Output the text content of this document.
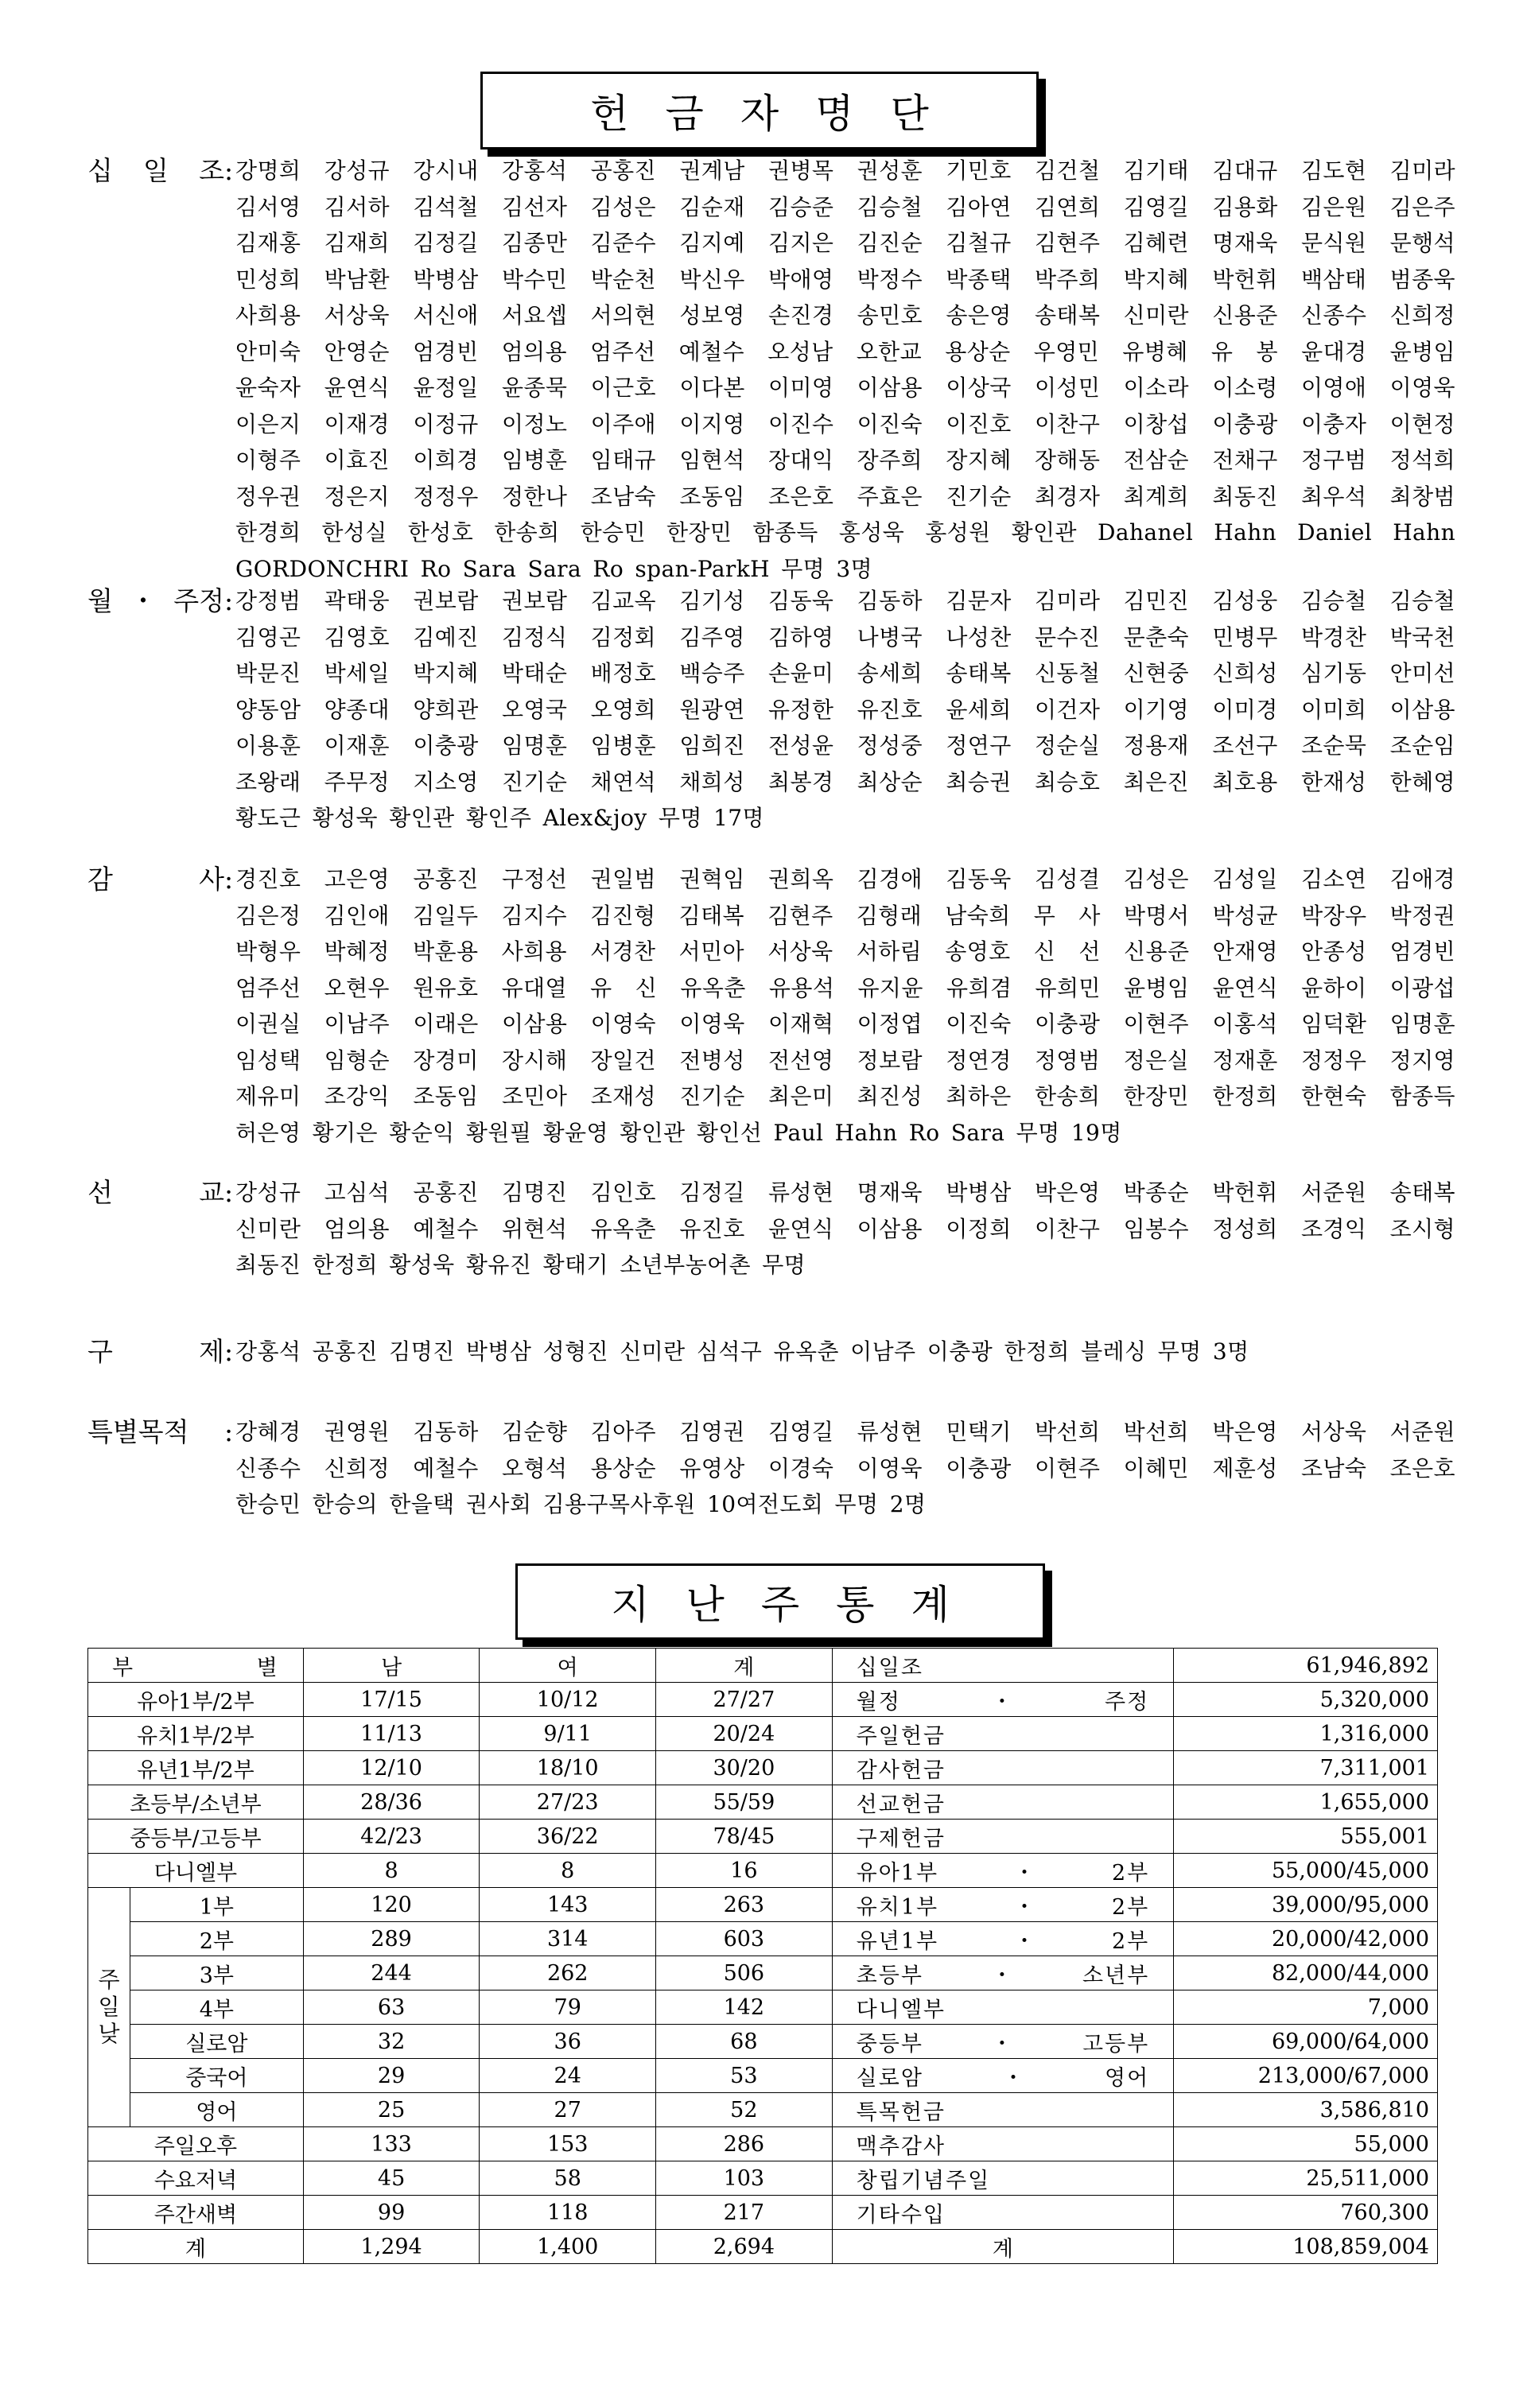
헌금자명단
십 일 조 : 강명희 강성규 강시내 강홍석 공홍진 권계남 권병목 권성훈 기민호 김건철 김기태 김대규 김도현 김미라
김서영 김서하 김석철 김선자 김성은 김순재 김승준 김승철 김아연 김연희 김영길 김용화 김은원 김은주
김재홍 김재희 김정길 김종만 김준수 김지예 김지은 김진순 김철규 김현주 김혜련 명재욱 문식원 문행석
민성희 박남환 박병삼 박수민 박순천 박신우 박애영 박정수 박종택 박주희 박지혜 박헌휘 백삼태 범종욱
사희용 서상욱 서신애 서요셉 서의현 성보영 손진경 송민호 송은영 송태복 신미란 신용준 신종수 신희정
안미숙 안영순 엄경빈 엄의용 엄주선 예철수 오성남 오한교 용상순 우영민 유병혜 유 봉 윤대경 윤병임
윤숙자 윤연식 윤정일 윤종묵 이근호 이다본 이미영 이삼용 이상국 이성민 이소라 이소령 이영애 이영욱
이은지 이재경 이정규 이정노 이주애 이지영 이진수 이진숙 이진호 이찬구 이창섭 이충광 이충자 이현정
이형주 이효진 이희경 임병훈 임태규 임현석 장대익 장주희 장지혜 장해동 전삼순 전채구 정구범 정석희
정우권 정은지 정정우 정한나 조남숙 조동임 조은호 주효은 진기순 최경자 최계희 최동진 최우석 최창범
한경희 한성실 한성호 한송희 한승민 한장민 함종득 홍성욱 홍성원 황인관 Dahanel Hahn Daniel Hahn
GORDONCHRI Ro Sara Sara Ro span-ParkH 무명 3명
월・주정 : 강정범 곽태웅 권보람 권보람 김교옥 김기성 김동욱 김동하 김문자 김미라 김민진 김성웅 김승철 김승철
김영곤 김영호 김예진 김정식 김정회 김주영 김하영 나병국 나성찬 문수진 문춘숙 민병무 박경찬 박국천
박문진 박세일 박지혜 박태순 배정호 백승주 손윤미 송세희 송태복 신동철 신현중 신희성 심기동 안미선
양동암 양종대 양희관 오영국 오영희 원광연 유정한 유진호 윤세희 이건자 이기영 이미경 이미희 이삼용
이용훈 이재훈 이충광 임명훈 임병훈 임희진 전성윤 정성중 정연구 정순실 정용재 조선구 조순묵 조순임
조왕래 주무정 지소영 진기순 채연석 채희성 최봉경 최상순 최승권 최승호 최은진 최호용 한재성 한혜영
황도근 황성욱 황인관 황인주 Alex&joy 무명 17명
감 사 : 경진호 고은영 공홍진 구정선 권일범 권혁임 권희옥 김경애 김동욱 김성결 김성은 김성일 김소연 김애경
김은정 김인애 김일두 김지수 김진형 김태복 김현주 김형래 남숙희 무 사 박명서 박성균 박장우 박정권
박형우 박혜정 박훈용 사희용 서경찬 서민아 서상욱 서하림 송영호 신 선 신용준 안재영 안종성 엄경빈
엄주선 오현우 원유호 유대열 유 신 유옥춘 유용석 유지윤 유희겸 유희민 윤병임 윤연식 윤하이 이광섭
이권실 이남주 이래은 이삼용 이영숙 이영욱 이재혁 이정엽 이진숙 이충광 이현주 이홍석 임덕환 임명훈
임성택 임형순 장경미 장시해 장일건 전병성 전선영 정보람 정연경 정영범 정은실 정재훈 정정우 정지영
제유미 조강익 조동임 조민아 조재성 진기순 최은미 최진성 최하은 한송희 한장민 한정희 한현숙 함종득
허은영 황기은 황순익 황원필 황윤영 황인관 황인선 Paul Hahn Ro Sara 무명 19명
선 교 : 강성규 고심석 공홍진 김명진 김인호 김정길 류성현 명재욱 박병삼 박은영 박종순 박헌휘 서준원 송태복
신미란 엄의용 예철수 위현석 유옥춘 유진호 윤연식 이삼용 이정희 이찬구 임봉수 정성희 조경익 조시형
최동진 한정희 황성욱 황유진 황태기 소년부농어촌 무명
구 제 : 강홍석 공홍진 김명진 박병삼 성형진 신미란 심석구 유옥춘 이남주 이충광 한정희 블레싱 무명 3명
특별목적	: 강혜경 권영원 김동하 김순향 김아주 김영권 김영길 류성현 민택기 박선희 박선희 박은영 서상욱 서준원
신종수 신희정 예철수 오형석 용상순 유영상 이경숙 이영욱 이충광 이현주 이혜민 제훈성 조남숙 조은호
한승민 한승의 한을택 권사회 김용구목사후원 10여전도회 무명 2명
지난주통계
부 별		남	여	계	십일조	61,946,892
유아1부/2부		17/15	10/12	27/27	월정・주정	5,320,000
유치1부/2부		11/13	9/11	20/24	주일헌금	1,316,000
유년1부/2부		12/10	18/10	30/20	감사헌금	7,311,001
초등부/소년부		28/36	27/23	55/59	선교헌금	1,655,000
중등부/고등부		42/23	36/22	78/45	구제헌금	555,001
다니엘부		8	8	16	유아1부・2부	55,000/45,000

주
일
낮	1부	120	143	263	유치1부・2부	39,000/95,000
	2부	289	314	603	유년1부・2부	20,000/42,000
	3부	244	262	506	초등부・소년부	82,000/44,000
	4부	63	79	142	다니엘부	7,000
	실로암	32	36	68	중등부・고등부	69,000/64,000
	중국어	29	24	53	실로암・영어	213,000/67,000
	영어	25	27	52	특목헌금	3,586,810
주일오후		133	153	286	맥추감사	55,000
수요저녁		45	58	103	창립기념주일	25,511,000
주간새벽		99	118	217	기타수입	760,300
계		1,294	1,400	2,694	계	108,859,004
